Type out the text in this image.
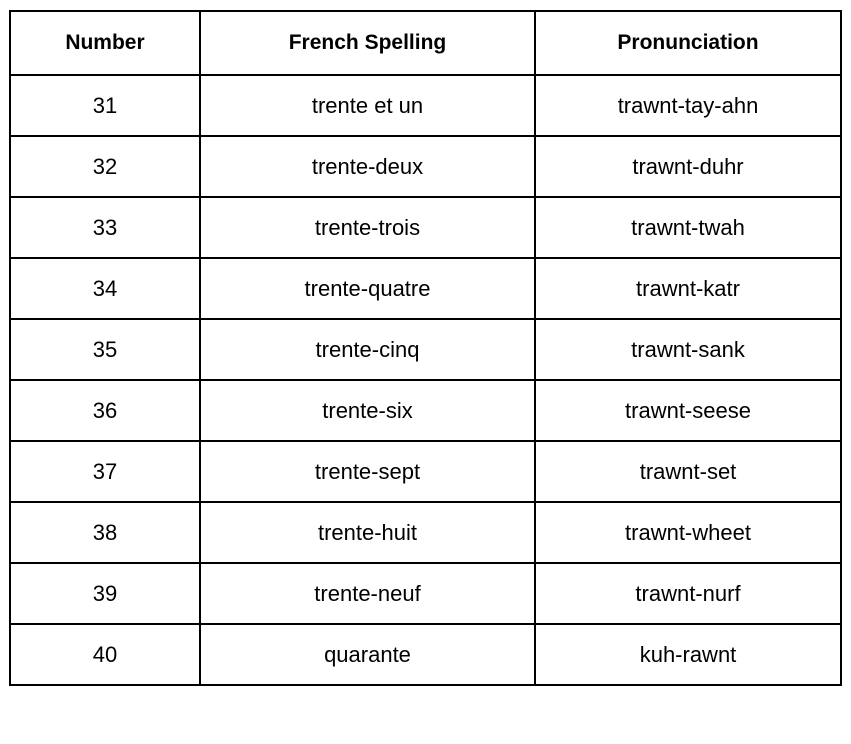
Number	French Spelling	Pronunciation
31	trente et un	trawnt-tay-ahn
32	trente-deux	trawnt-duhr
33	trente-trois	trawnt-twah
34	trente-quatre	trawnt-katr
35	trente-cinq	trawnt-sank
36	trente-six	trawnt-seese
37	trente-sept	trawnt-set
38	trente-huit	trawnt-wheet
39	trente-neuf	trawnt-nurf
40	quarante	kuh-rawnt
